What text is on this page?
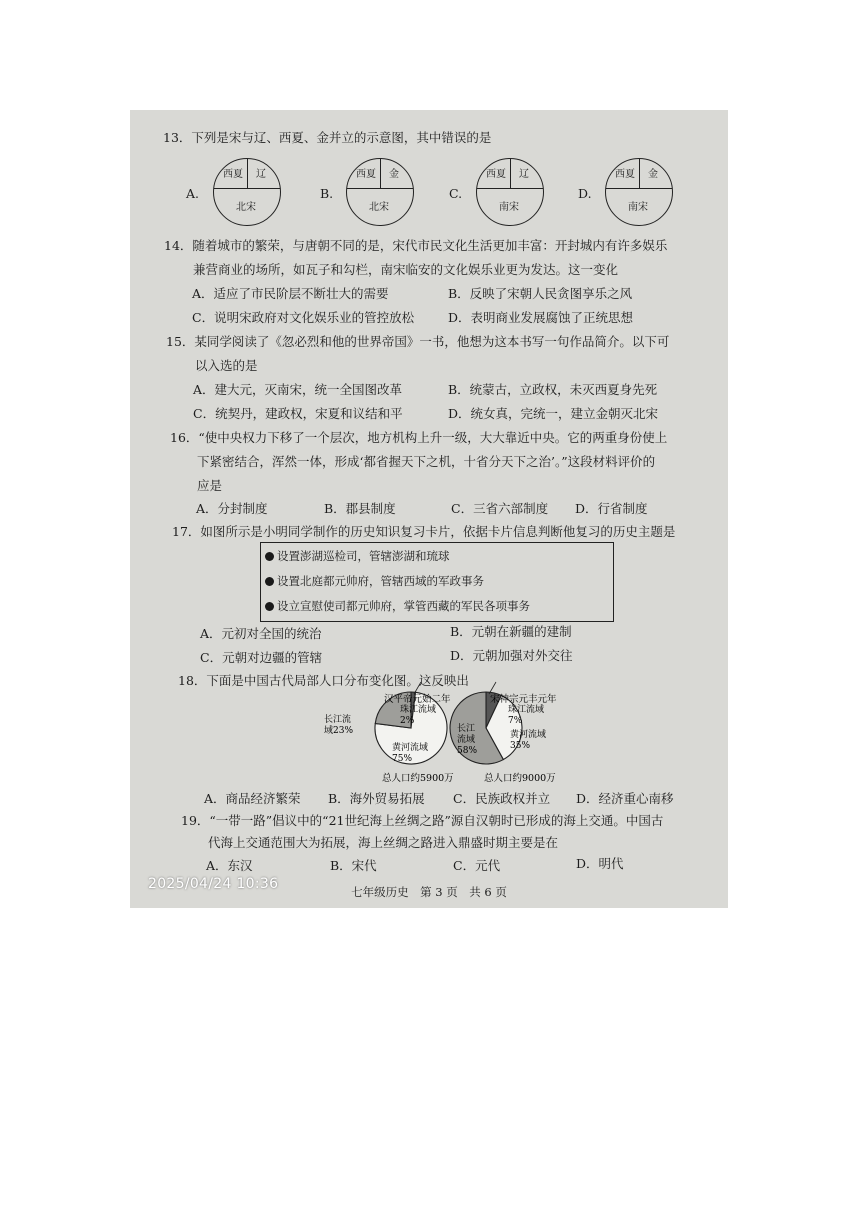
13．下列是宋与辽、西夏、金并立的示意图，其中错误的是
A.
西夏 辽
北宋
B.
西夏 金
北宋
C.
西夏 辽
南宋
D.
西夏 金
南宋
14．随着城市的繁荣，与唐朝不同的是，宋代市民文化生活更加丰富：开封城内有许多娱乐
兼营商业的场所，如瓦子和勾栏，南宋临安的文化娱乐业更为发达。这一变化
A．适应了市民阶层不断壮大的需要	B．反映了宋朝人民贪图享乐之风
C．说明宋政府对文化娱乐业的管控放松	D．表明商业发展腐蚀了正统思想
15．某同学阅读了《忽必烈和他的世界帝国》一书，他想为这本书写一句作品简介。以下可
以入选的是
A．建大元，灭南宋，统一全国图改革	B．统蒙古，立政权，未灭西夏身先死
C．统契丹，建政权，宋夏和议结和平	D．统女真，完统一，建立金朝灭北宋
16．“使中央权力下移了一个层次，地方机构上升一级，大大靠近中央。它的两重身份使上
下紧密结合，浑然一体，形成‘都省握天下之机，十省分天下之治’。”这段材料评价的
应是
A．分封制度	B．郡县制度	C．三省六部制度 D．行省制度
17．如图所示是小明同学制作的历史知识复习卡片，依据卡片信息判断他复习的历史主题是
设置澎湖巡检司，管辖澎湖和琉球
设置北庭都元帅府，管辖西域的军政事务
设立宣慰使司都元帅府，掌管西藏的军民各项事务
A．元初对全国的统治	B．元朝在新疆的建制
C．元朝对边疆的管辖	D．元朝加强对外交往
18．下面是中国古代局部人口分布变化图。这反映出
汉平帝元始二年
总人口约5900万
长江流域23%
珠江流域 2%
黄河流域 75%
宋神宗元丰元年
总人口约9000万
长江流域 58%
珠江流域 7%
黄河流域 35%
A．商品经济繁荣 B．海外贸易拓展 C．民族政权并立 D．经济重心南移
19．“一带一路”倡议中的“21世纪海上丝绸之路”源自汉朝时已形成的海上交通。中国古
代海上交通范围大为拓展，海上丝绸之路进入鼎盛时期主要是在
A．东汉	B．宋代	C．元代	D．明代
七年级历史　第 3 页　共 6 页
2025/04/24 10:36
